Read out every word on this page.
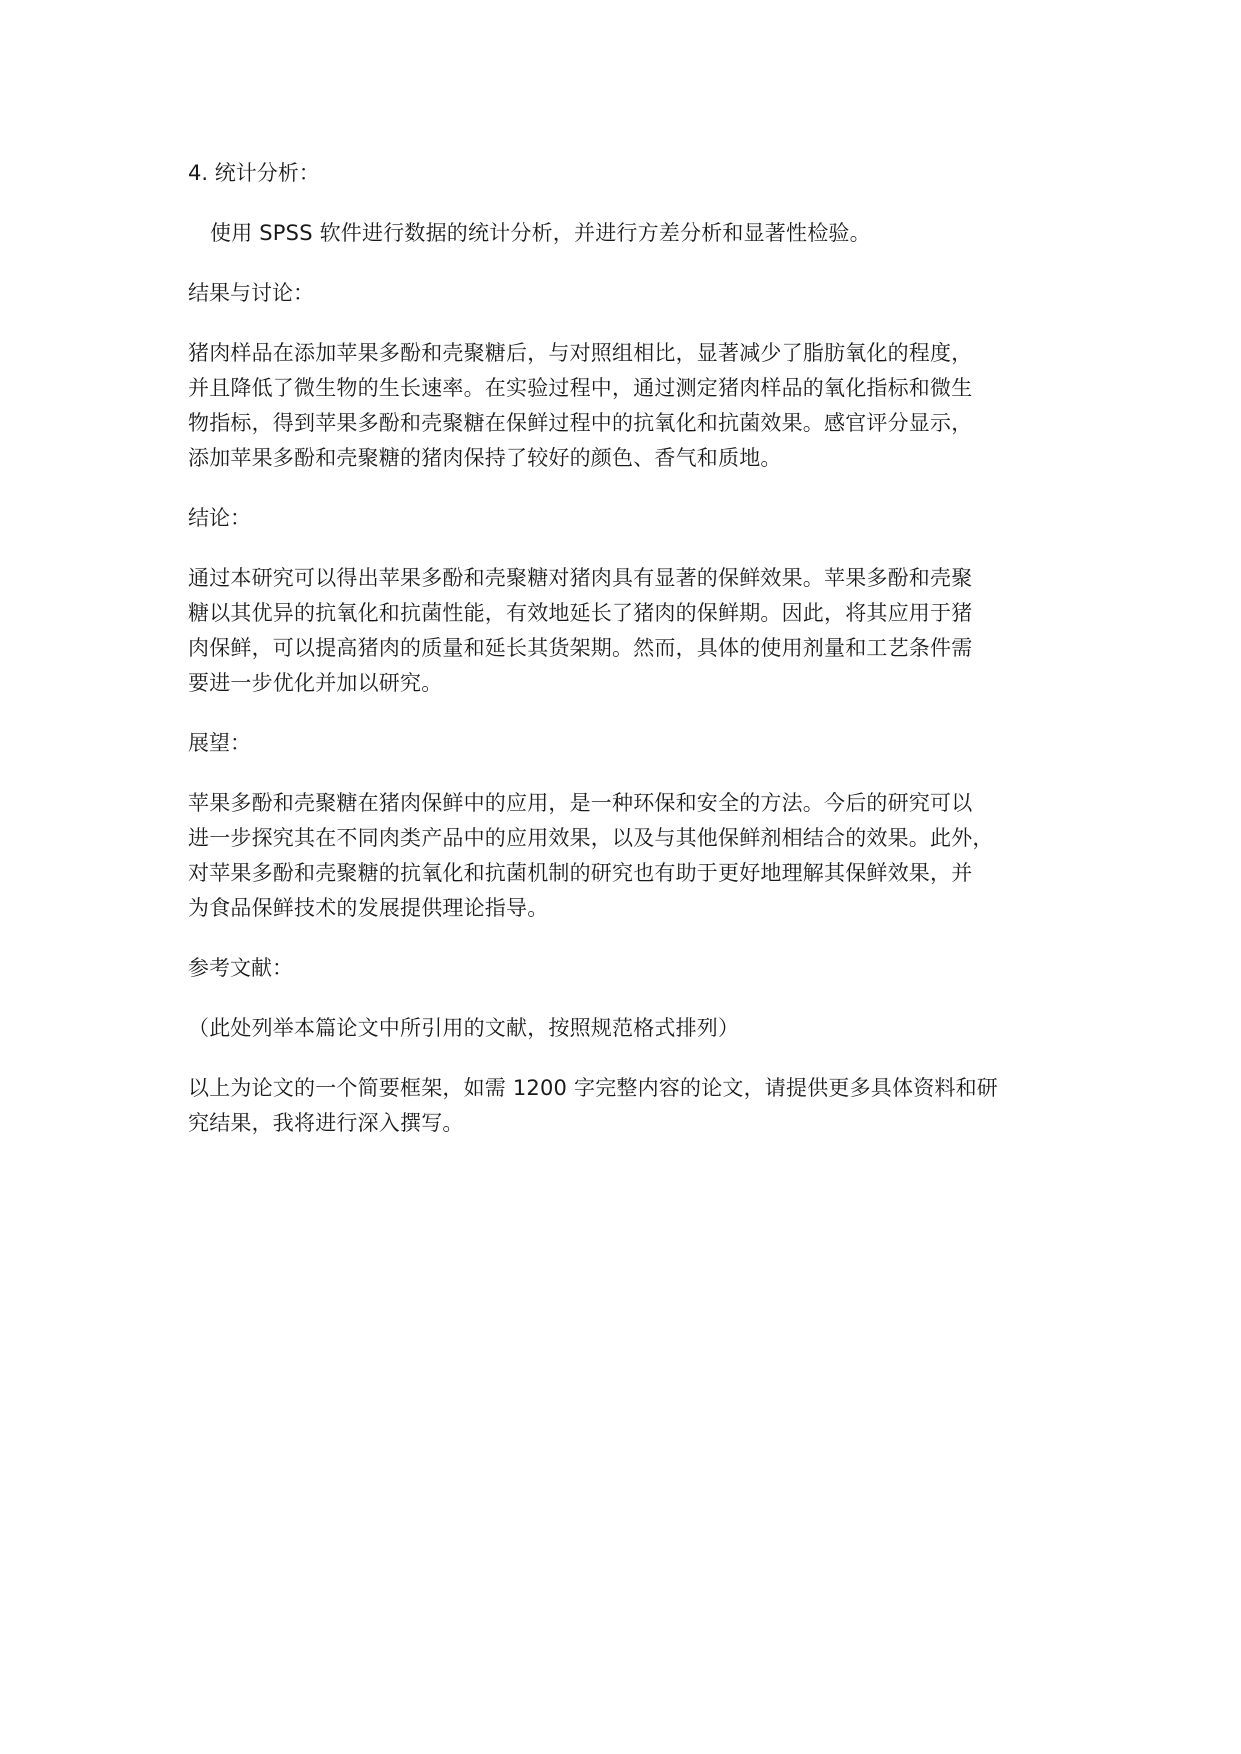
4. 统计分析：

使用 SPSS 软件进行数据的统计分析，并进行方差分析和显著性检验。

结果与讨论：

猪肉样品在添加苹果多酚和壳聚糖后，与对照组相比，显著减少了脂肪氧化的程度，
并且降低了微生物的生长速率。在实验过程中，通过测定猪肉样品的氧化指标和微生
物指标，得到苹果多酚和壳聚糖在保鲜过程中的抗氧化和抗菌效果。感官评分显示，
添加苹果多酚和壳聚糖的猪肉保持了较好的颜色、香气和质地。

结论：

通过本研究可以得出苹果多酚和壳聚糖对猪肉具有显著的保鲜效果。苹果多酚和壳聚
糖以其优异的抗氧化和抗菌性能，有效地延长了猪肉的保鲜期。因此，将其应用于猪
肉保鲜，可以提高猪肉的质量和延长其货架期。然而，具体的使用剂量和工艺条件需
要进一步优化并加以研究。

展望：

苹果多酚和壳聚糖在猪肉保鲜中的应用，是一种环保和安全的方法。今后的研究可以
进一步探究其在不同肉类产品中的应用效果，以及与其他保鲜剂相结合的效果。此外，
对苹果多酚和壳聚糖的抗氧化和抗菌机制的研究也有助于更好地理解其保鲜效果，并
为食品保鲜技术的发展提供理论指导。

参考文献：

（此处列举本篇论文中所引用的文献，按照规范格式排列）

以上为论文的一个简要框架，如需 1200 字完整内容的论文，请提供更多具体资料和研
究结果，我将进行深入撰写。
